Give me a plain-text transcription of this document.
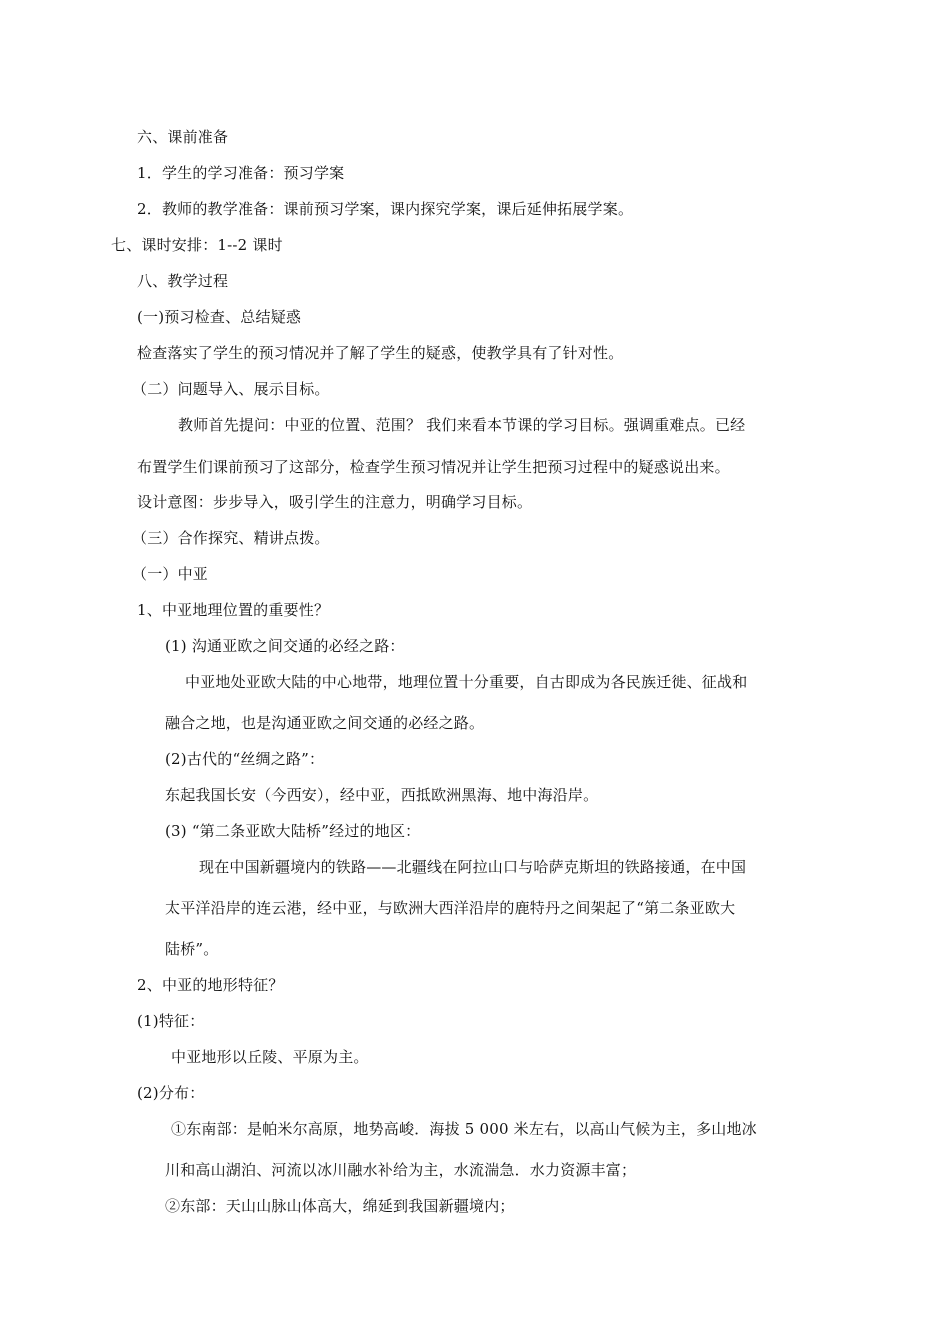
六、课前准备
1．学生的学习准备：预习学案
2．教师的教学准备：课前预习学案，课内探究学案，课后延伸拓展学案。
七、课时安排：1--2 课时
八、教学过程
(一)预习检查、总结疑惑
检查落实了学生的预习情况并了解了学生的疑惑，使教学具有了针对性。
（二）问题导入、展示目标。
教师首先提问：中亚的位置、范围？ 我们来看本节课的学习目标。强调重难点。已经
布置学生们课前预习了这部分，检查学生预习情况并让学生把预习过程中的疑惑说出来。
设计意图：步步导入，吸引学生的注意力，明确学习目标。
（三）合作探究、精讲点拨。
（一）中亚
1、中亚地理位置的重要性？
(1) 沟通亚欧之间交通的必经之路：
中亚地处亚欧大陆的中心地带，地理位置十分重要，自古即成为各民族迁徙、征战和
融合之地，也是沟通亚欧之间交通的必经之路。
(2)古代的“丝绸之路”：
东起我国长安（今西安），经中亚，西抵欧洲黑海、地中海沿岸。
(3) “第二条亚欧大陆桥”经过的地区：
现在中国新疆境内的铁路——北疆线在阿拉山口与哈萨克斯坦的铁路接通，在中国
太平洋沿岸的连云港，经中亚，与欧洲大西洋沿岸的鹿特丹之间架起了“第二条亚欧大
陆桥”。
2、中亚的地形特征？
(1)特征：
中亚地形以丘陵、平原为主。
(2)分布：
①东南部：是帕米尔高原，地势高峻．海拔 5 000 米左右，以高山气候为主，多山地冰
川和高山湖泊、河流以冰川融水补给为主，水流湍急．水力资源丰富；
②东部：天山山脉山体高大，绵延到我国新疆境内；
